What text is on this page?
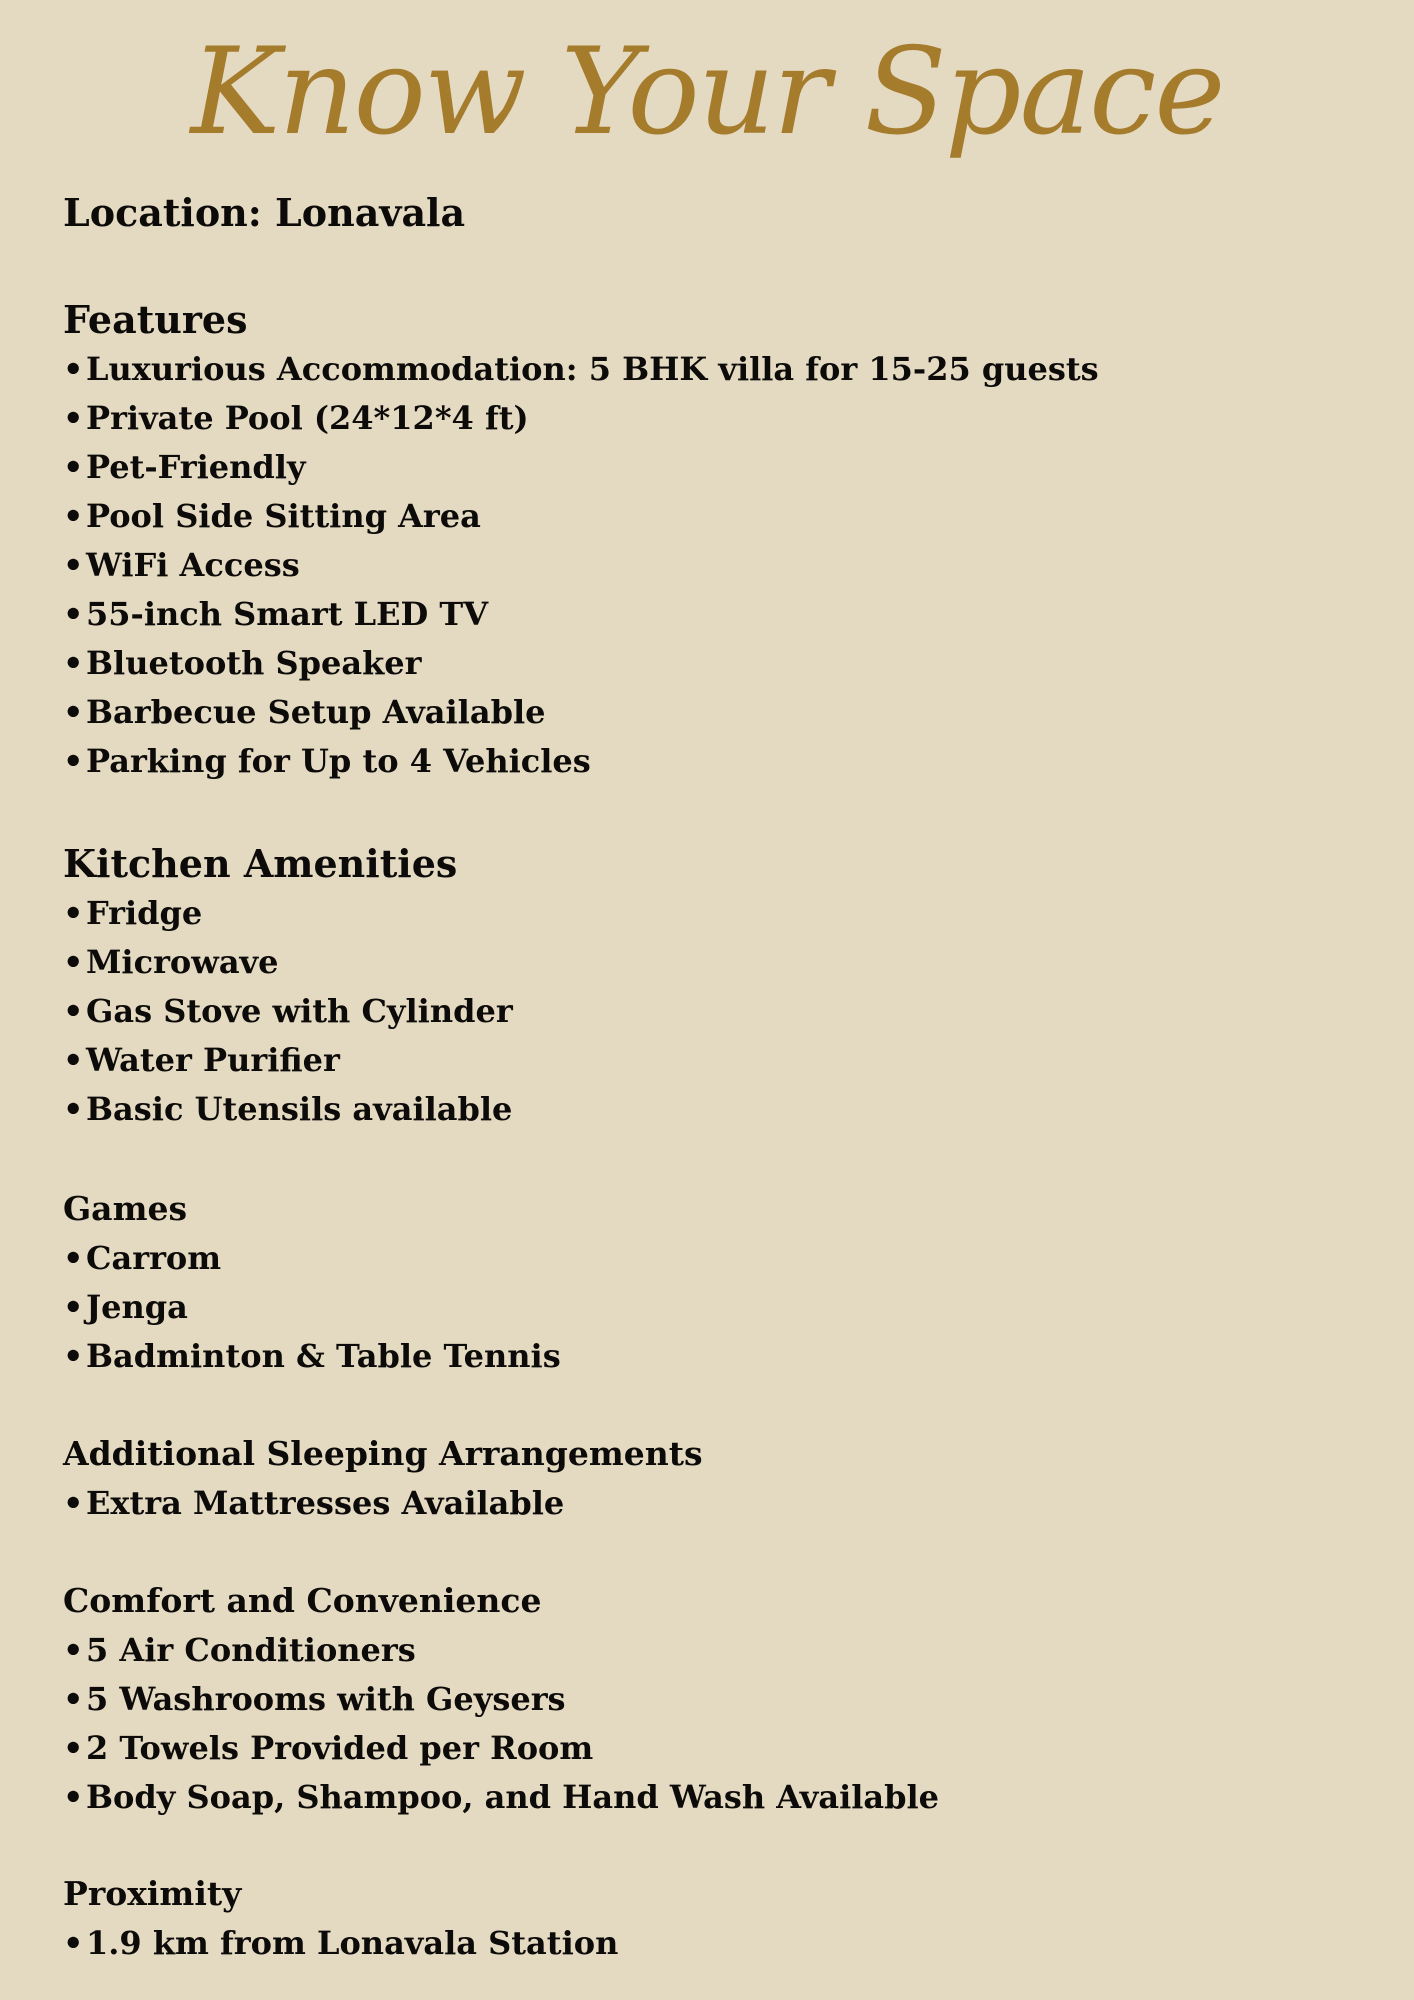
Know Your Space

Location: Lonavala

Features
•Luxurious Accommodation: 5 BHK villa for 15-25 guests
•Private Pool (24*12*4 ft)
•Pet-Friendly
•Pool Side Sitting Area
•WiFi Access
•55-inch Smart LED TV
•Bluetooth Speaker
•Barbecue Setup Available
•Parking for Up to 4 Vehicles
Kitchen Amenities
•Fridge
•Microwave
•Gas Stove with Cylinder
•Water Purifier
•Basic Utensils available
Games
•Carrom
•Jenga
•Badminton & Table Tennis
Additional Sleeping Arrangements
•Extra Mattresses Available
Comfort and Convenience
•5 Air Conditioners
•5 Washrooms with Geysers
•2 Towels Provided per Room
•Body Soap, Shampoo, and Hand Wash Available
Proximity
•1.9 km from Lonavala Station
